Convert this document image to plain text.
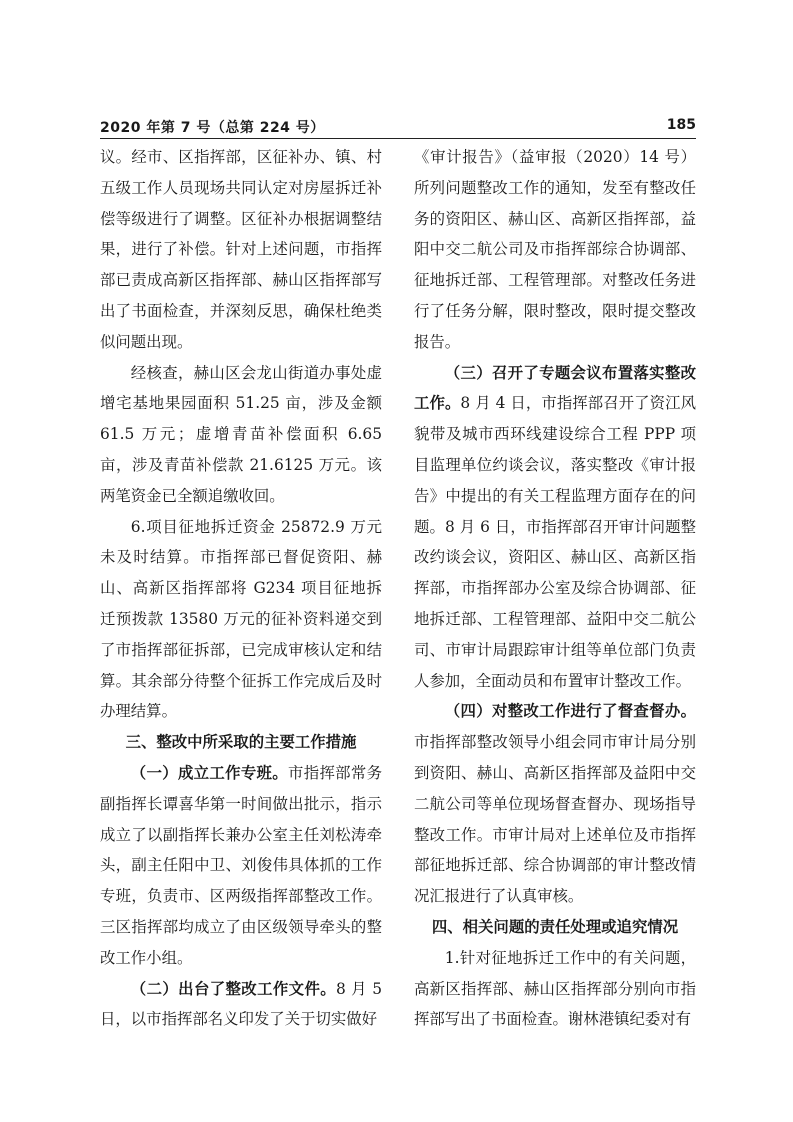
2020 年第 7 号（总第 224 号）	185

议。经市、区指挥部，区征补办、镇、村五级工作人员现场共同认定对房屋拆迁补偿等级进行了调整。区征补办根据调整结果，进行了补偿。针对上述问题，市指挥部已责成高新区指挥部、赫山区指挥部写出了书面检查，并深刻反思，确保杜绝类似问题出现。

经核查，赫山区会龙山街道办事处虚增宅基地果园面积 51.25 亩，涉及金额 61.5 万元；虚增青苗补偿面积 6.65 亩，涉及青苗补偿款 21.6125 万元。该两笔资金已全额追缴收回。

6.项目征地拆迁资金 25872.9 万元未及时结算。市指挥部已督促资阳、赫山、高新区指挥部将 G234 项目征地拆迁预拨款 13580 万元的征补资料递交到了市指挥部征拆部，已完成审核认定和结算。其余部分待整个征拆工作完成后及时办理结算。

三、整改中所采取的主要工作措施

（一）成立工作专班。市指挥部常务副指挥长谭喜华第一时间做出批示，指示成立了以副指挥长兼办公室主任刘松涛牵头，副主任阳中卫、刘俊伟具体抓的工作专班，负责市、区两级指挥部整改工作。三区指挥部均成立了由区级领导牵头的整改工作小组。

（二）出台了整改工作文件。8 月 5 日，以市指挥部名义印发了关于切实做好

《审计报告》（益审报（2020）14 号）所列问题整改工作的通知，发至有整改任务的资阳区、赫山区、高新区指挥部，益阳中交二航公司及市指挥部综合协调部、征地拆迁部、工程管理部。对整改任务进行了任务分解，限时整改，限时提交整改报告。

（三）召开了专题会议布置落实整改工作。8 月 4 日，市指挥部召开了资江风貌带及城市西环线建设综合工程 PPP 项目监理单位约谈会议，落实整改《审计报告》中提出的有关工程监理方面存在的问题。8 月 6 日，市指挥部召开审计问题整改约谈会议，资阳区、赫山区、高新区指挥部，市指挥部办公室及综合协调部、征地拆迁部、工程管理部、益阳中交二航公司、市审计局跟踪审计组等单位部门负责人参加，全面动员和布置审计整改工作。

（四）对整改工作进行了督查督办。市指挥部整改领导小组会同市审计局分别到资阳、赫山、高新区指挥部及益阳中交二航公司等单位现场督查督办、现场指导整改工作。市审计局对上述单位及市指挥部征地拆迁部、综合协调部的审计整改情况汇报进行了认真审核。

四、相关问题的责任处理或追究情况

1.针对征地拆迁工作中的有关问题，高新区指挥部、赫山区指挥部分别向市指挥部写出了书面检查。谢林港镇纪委对有
